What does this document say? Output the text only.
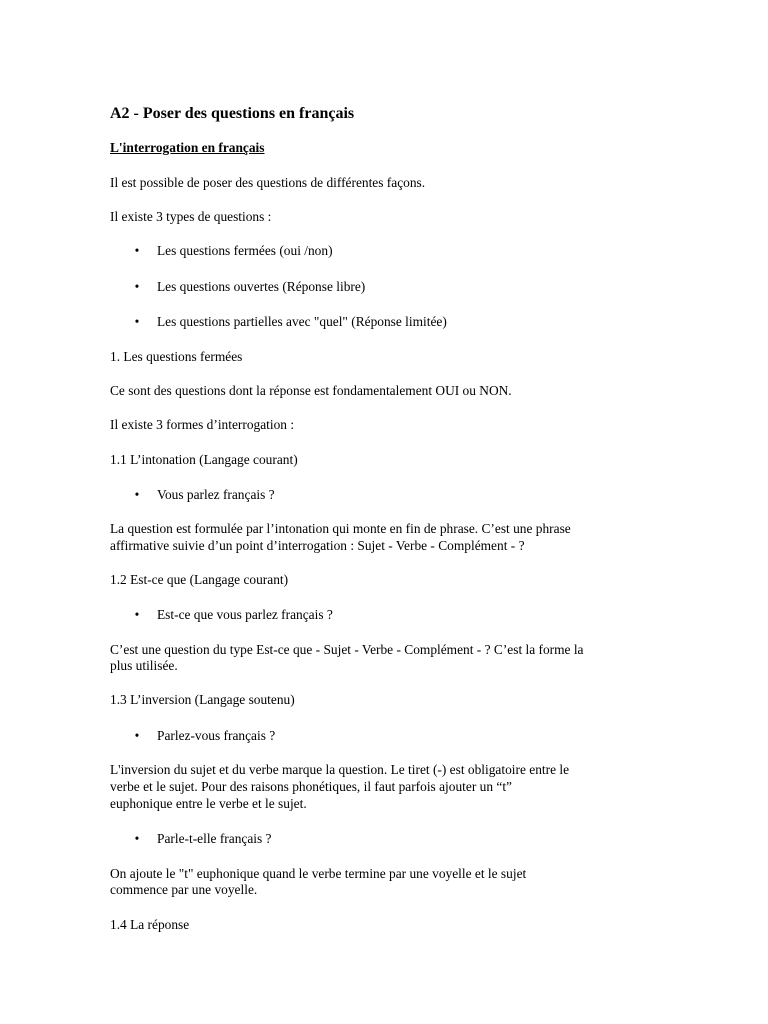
A2 - Poser des questions en français
L'interrogation en français
Il est possible de poser des questions de différentes façons.
Il existe 3 types de questions :
•	Les questions fermées (oui /non)
•	Les questions ouvertes (Réponse libre)
•	Les questions partielles avec "quel" (Réponse limitée)
1. Les questions fermées
Ce sont des questions dont la réponse est fondamentalement OUI ou NON.
Il existe 3 formes d’interrogation :
1.1 L’intonation (Langage courant)
•	Vous parlez français ?
La question est formulée par l’intonation qui monte en fin de phrase. C’est une phrase
affirmative suivie d’un point d’interrogation : Sujet - Verbe - Complément - ?
1.2 Est-ce que (Langage courant)
•	Est-ce que vous parlez français ?
C’est une question du type Est-ce que - Sujet - Verbe - Complément - ? C’est la forme la
plus utilisée.
1.3 L’inversion (Langage soutenu)
•	Parlez-vous français ?
L'inversion du sujet et du verbe marque la question. Le tiret (-) est obligatoire entre le
verbe et le sujet. Pour des raisons phonétiques, il faut parfois ajouter un “t”
euphonique entre le verbe et le sujet.
•	Parle-t-elle français ?
On ajoute le "t" euphonique quand le verbe termine par une voyelle et le sujet
commence par une voyelle.
1.4 La réponse
